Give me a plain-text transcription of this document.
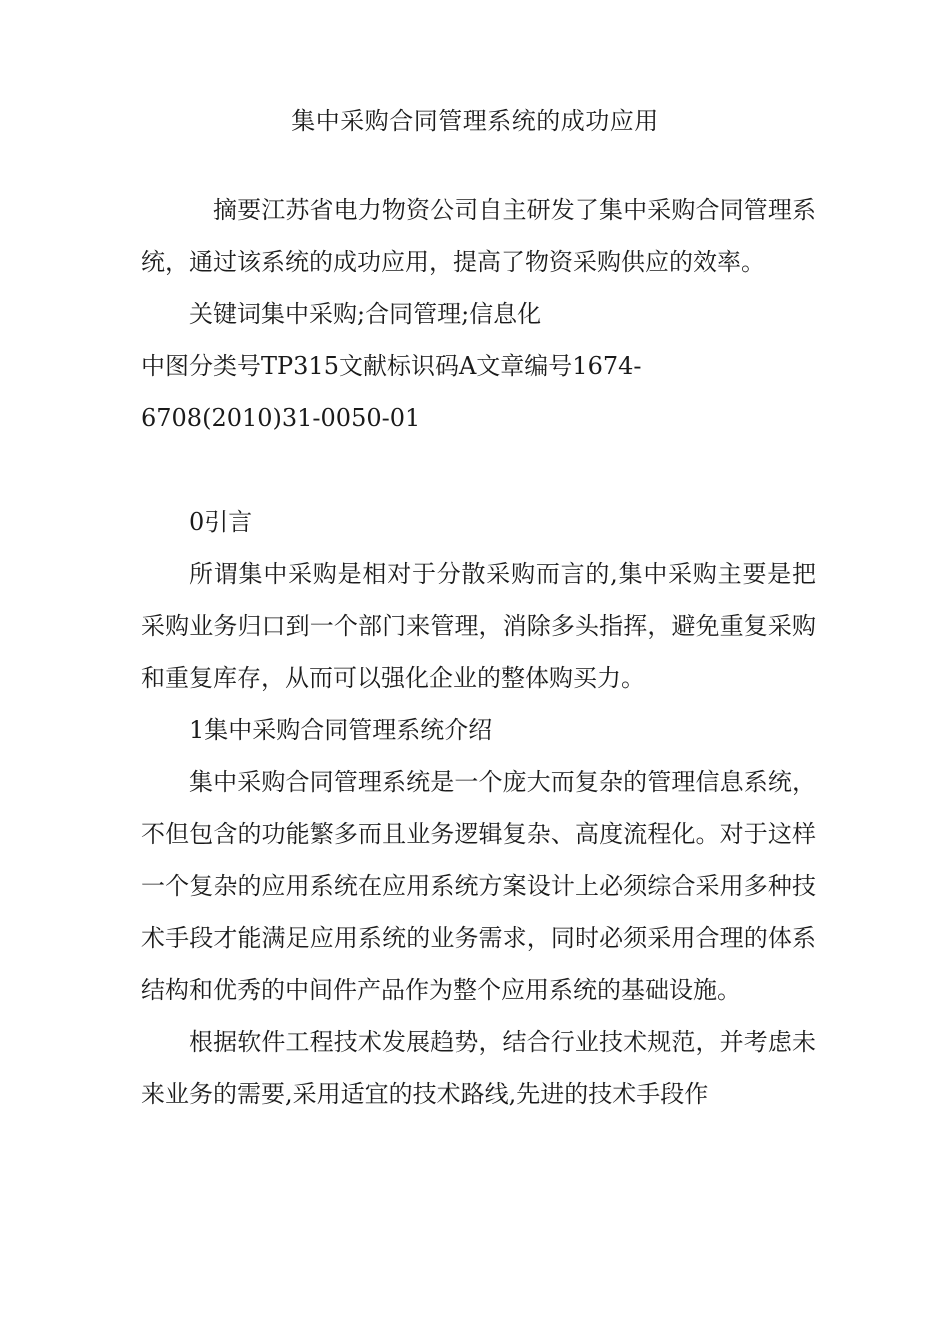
集中采购合同管理系统的成功应用

摘要江苏省电力物资公司自主研发了集中采购合同管理系统，通过该系统的成功应用，提高了物资采购供应的效率。

关键词集中采购;合同管理;信息化

中图分类号TP315文献标识码A文章编号1674-

6708(2010)31-0050-01

0引言

所谓集中采购是相对于分散采购而言的,集中采购主要是把采购业务归口到一个部门来管理，消除多头指挥，避免重复采购和重复库存，从而可以强化企业的整体购买力。

1集中采购合同管理系统介绍

集中采购合同管理系统是一个庞大而复杂的管理信息系统，不但包含的功能繁多而且业务逻辑复杂、高度流程化。对于这样一个复杂的应用系统在应用系统方案设计上必须综合采用多种技术手段才能满足应用系统的业务需求，同时必须采用合理的体系结构和优秀的中间件产品作为整个应用系统的基础设施。

根据软件工程技术发展趋势，结合行业技术规范，并考虑未来业务的需要,采用适宜的技术路线,先进的技术手段作
